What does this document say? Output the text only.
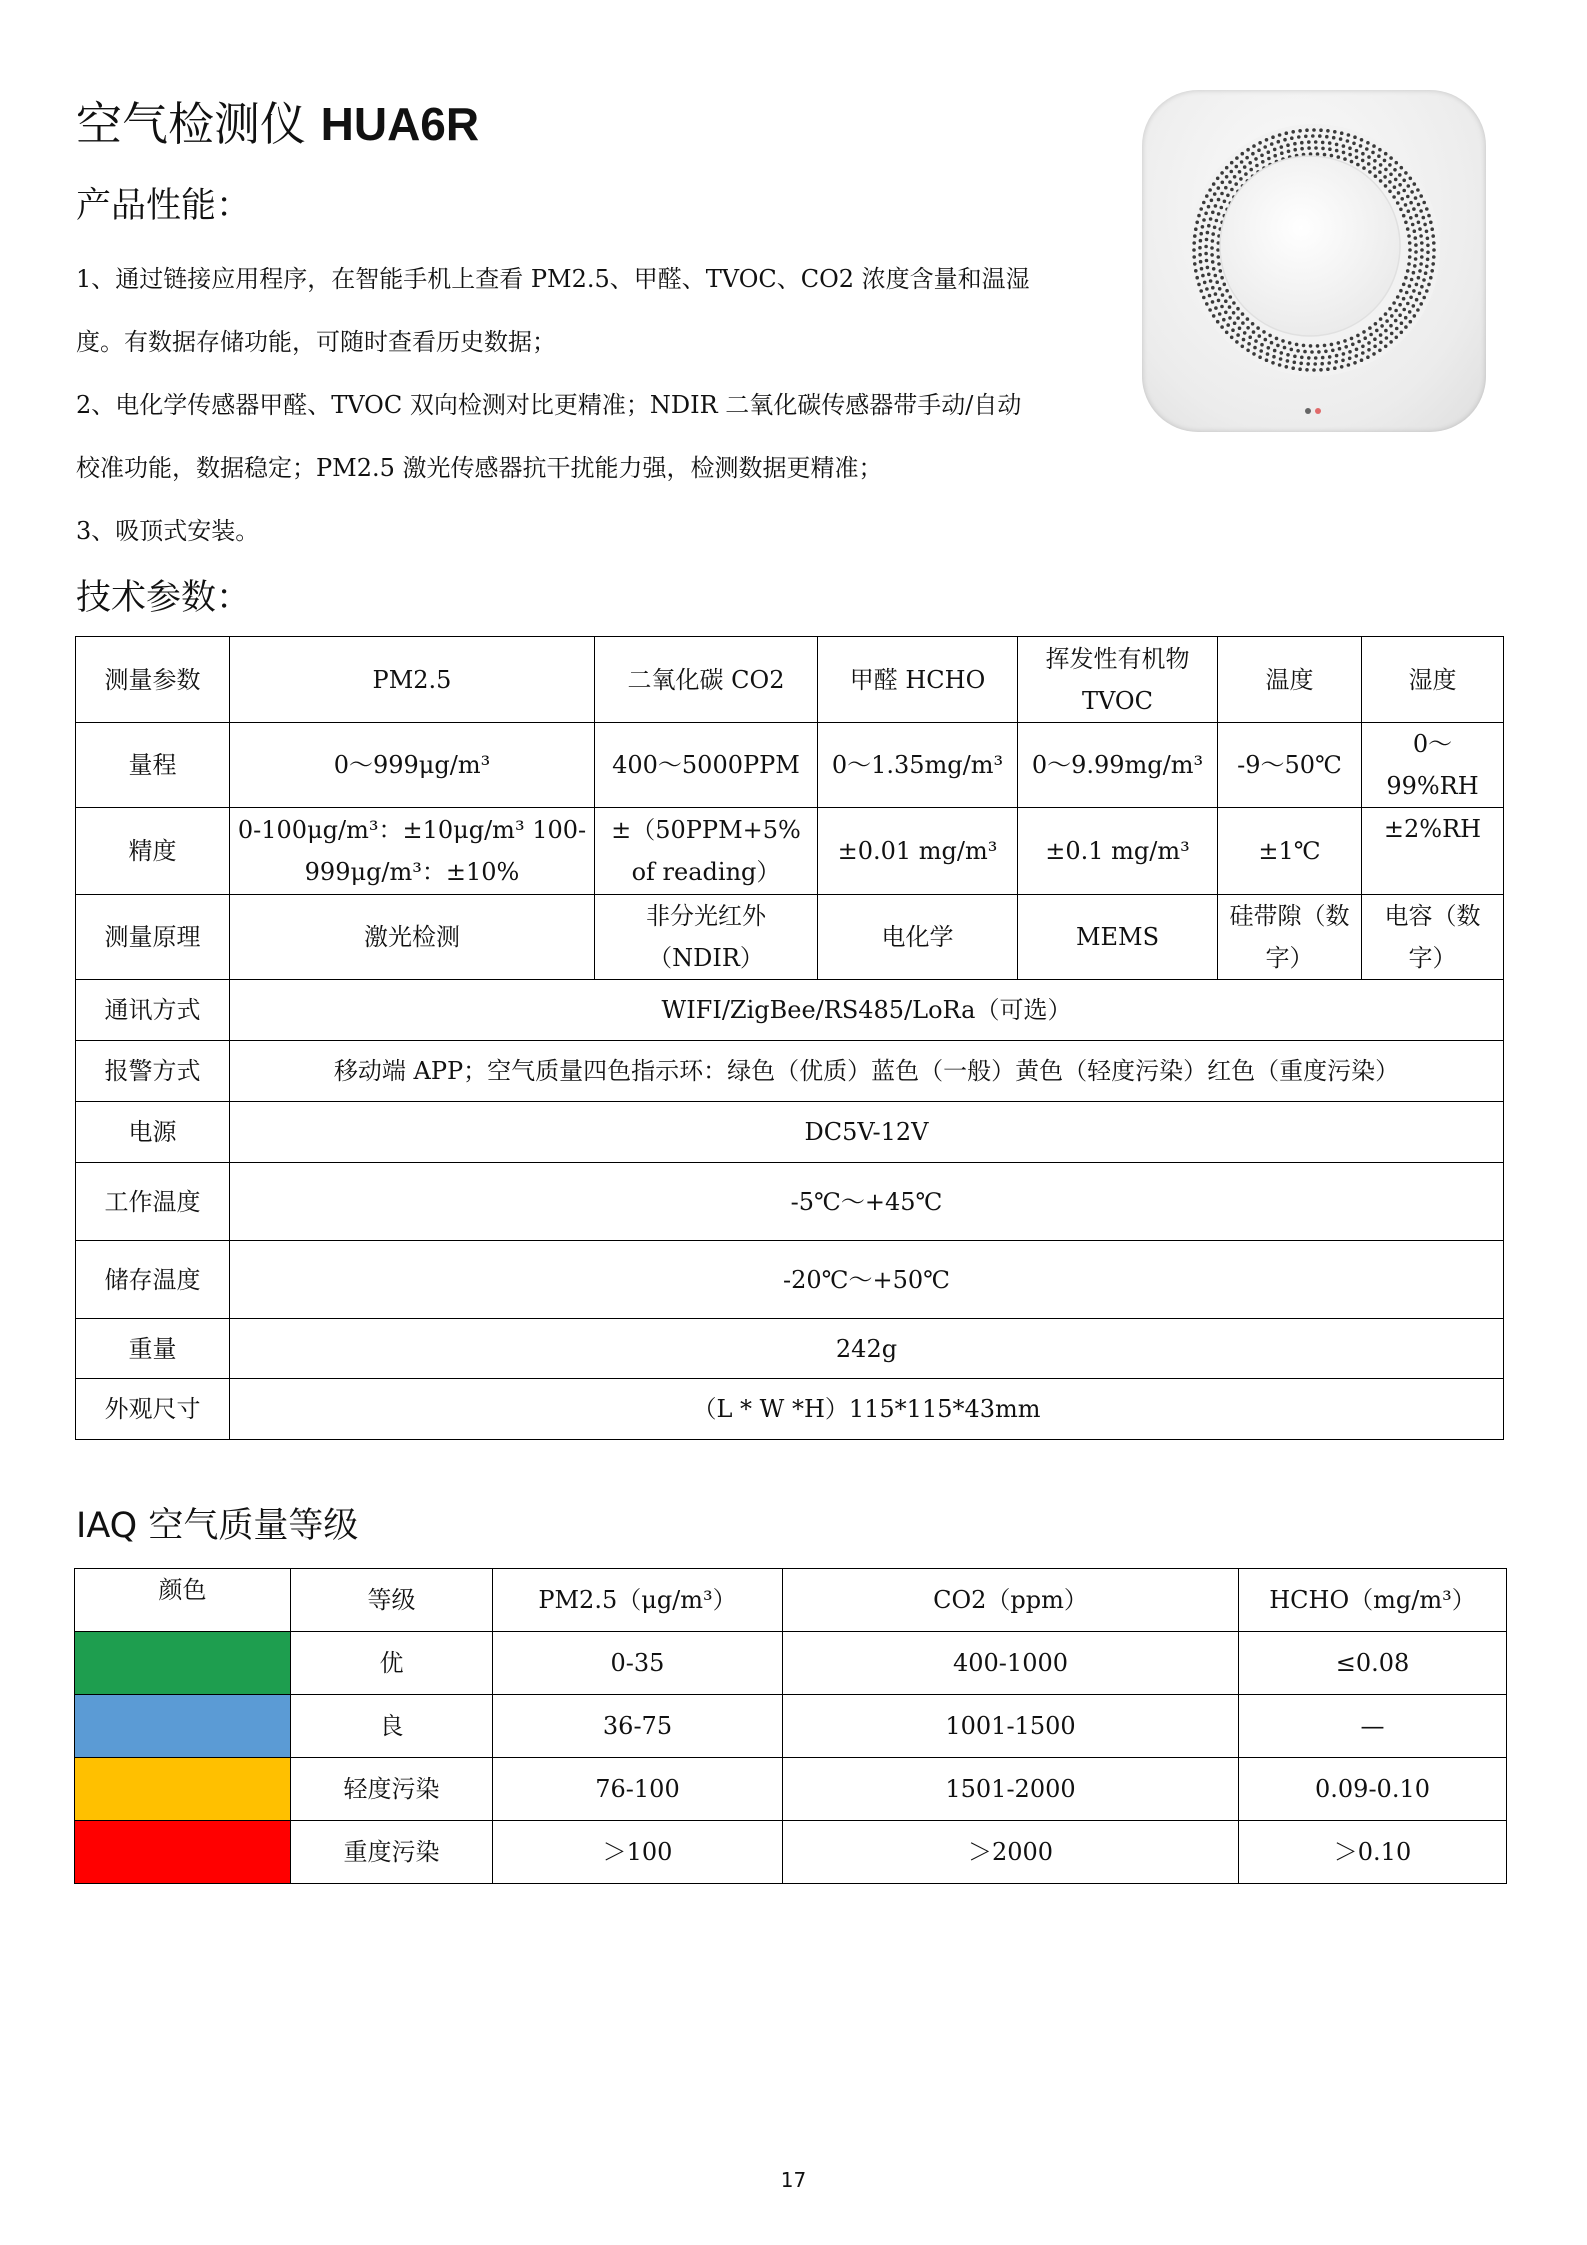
空气检测仪 HUA6R
产品性能：

1、通过链接应用程序，在智能手机上查看 PM2.5、甲醛、TVOC、CO2 浓度含量和温湿

度。有数据存储功能，可随时查看历史数据；

2、电化学传感器甲醛、TVOC 双向检测对比更精准；NDIR 二氧化碳传感器带手动/自动

校准功能，数据稳定；PM2.5 激光传感器抗干扰能力强，检测数据更精准；

3、吸顶式安装。

技术参数：
测量参数	PM2.5	二氧化碳 CO2	甲醛 HCHO	挥发性有机物 TVOC	温度	湿度
量程	0～999μg/m³	400～5000PPM	0～1.35mg/m³	0～9.99mg/m³	-9～50℃	0～99%RH
精度	0-100μg/m³：±10μg/m³ 100-999μg/m³：±10%	±（50PPM+5% of reading）	±0.01 mg/m³	±0.1 mg/m³	±1℃	±2%RH
测量原理	激光检测	非分光红外（NDIR）	电化学	MEMS	硅带隙（数字）	电容（数字）
通讯方式	WIFI/ZigBee/RS485/LoRa（可选）					
报警方式	移动端 APP；空气质量四色指示环：绿色（优质）蓝色（一般）黄色（轻度污染）红色（重度污染）					
电源	DC5V-12V					
工作温度	-5℃～+45℃					
储存温度	-20℃～+50℃					
重量	242g					
外观尺寸	（L * W *H）115*115*43mm					
IAQ 空气质量等级
颜色	等级	PM2.5（μg/m³）	CO2（ppm）	HCHO（mg/m³）
	优	0-35	400-1000	≤0.08
	良	36-75	1001-1500	—
	轻度污染	76-100	1501-2000	0.09-0.10
	重度污染	＞100	＞2000	＞0.10
17
